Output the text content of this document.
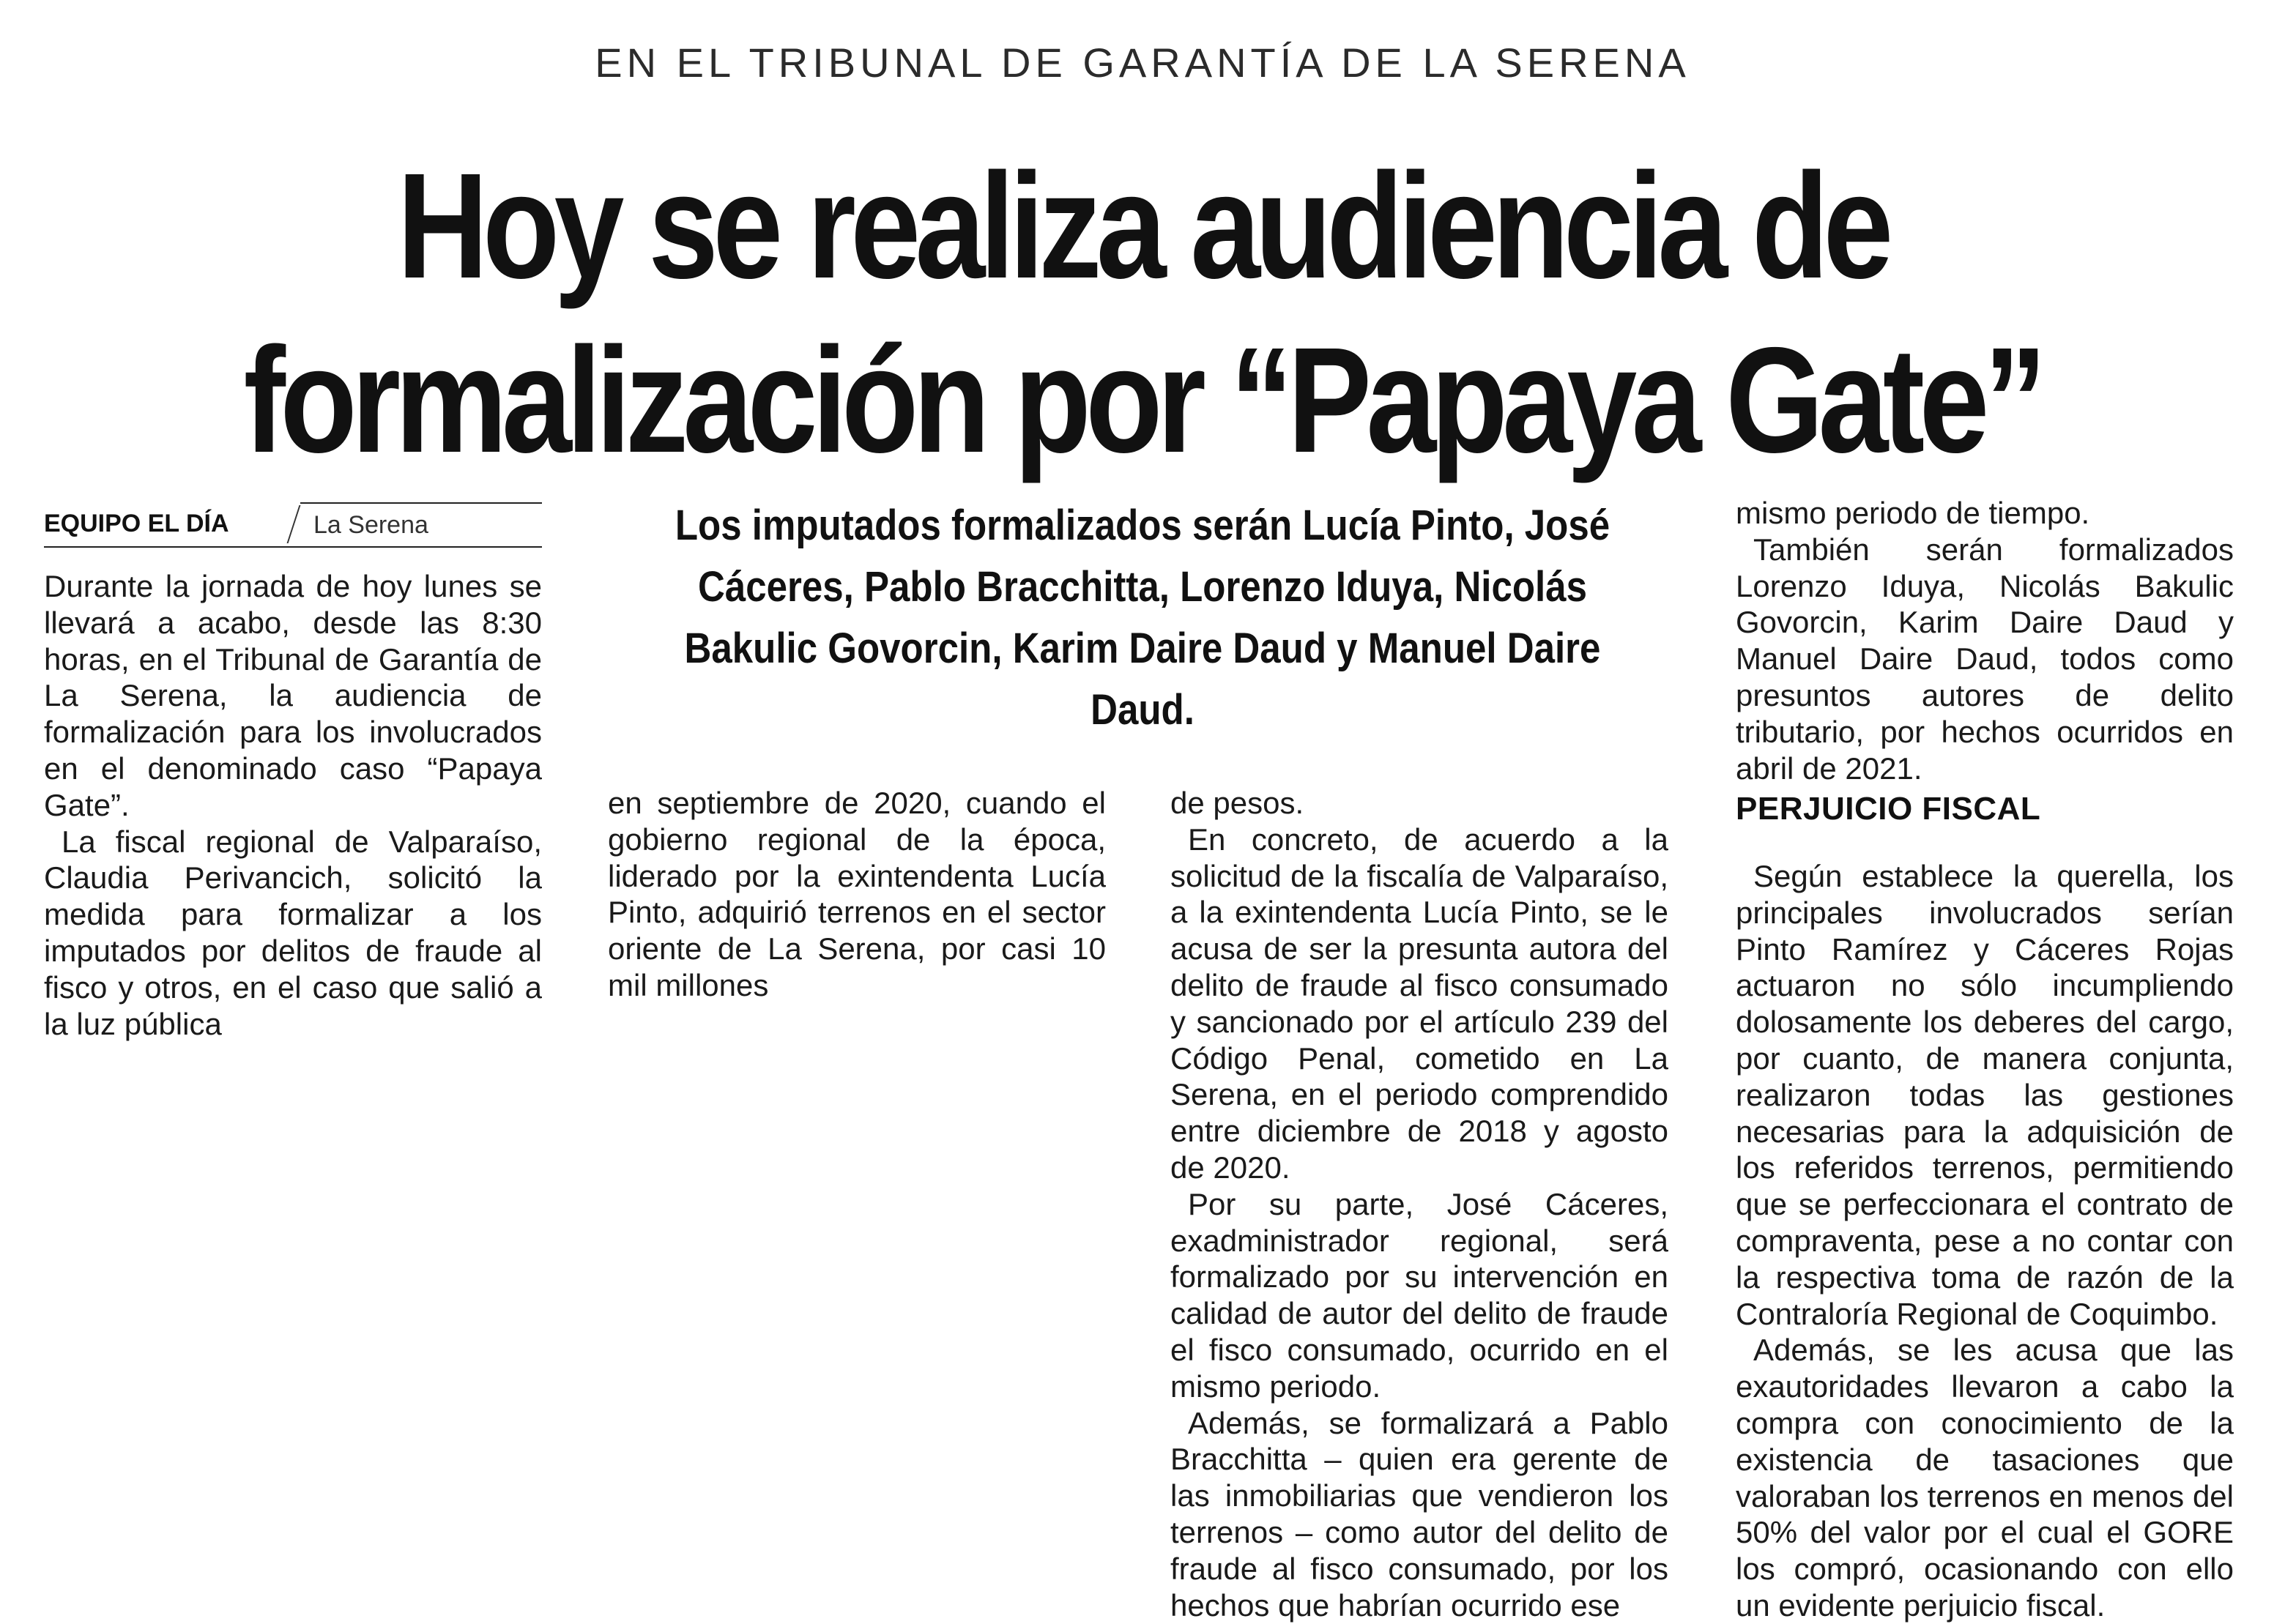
EN EL TRIBUNAL DE GARANTÍA DE LA SERENA
Hoy se realiza audiencia de
formalización por “Papaya Gate”
EQUIPO EL DÍA	La Serena

Durante la jornada de hoy lunes se llevará a acabo, desde las 8:30 horas, en el Tribunal de Garantía de La Serena, la audiencia de formalización para los involucrados en el denominado caso “Papaya Gate”.

La fiscal regional de Valparaíso, Claudia Perivancich, solicitó la medida para formalizar a los imputados por delitos de fraude al fisco y otros, en el caso que salió a la luz pública

Los imputados formalizados serán Lucía Pinto, José Cáceres, Pablo Bracchitta, Lorenzo Iduya, Nicolás Bakulic Govorcin, Karim Daire Daud y Manuel Daire Daud.

en septiembre de 2020, cuando el gobierno regional de la época, liderado por la exintendenta Lucía Pinto, adquirió terrenos en el sector oriente de La Serena, por casi 10 mil millones

de pesos.

En concreto, de acuerdo a la solicitud de la fiscalía de Valparaíso, a la exintendenta Lucía Pinto, se le acusa de ser la presunta autora del delito de fraude al fisco consumado y sancionado por el artículo 239 del Código Penal, cometido en La Serena, en el periodo comprendido entre diciembre de 2018 y agosto de 2020.

Por su parte, José Cáceres, exadministrador regional, será formalizado por su intervención en calidad de autor del delito de fraude el fisco consumado, ocurrido en el mismo periodo.

Además, se formalizará a Pablo Bracchitta – quien era gerente de las inmobiliarias que vendieron los terrenos – como autor del delito de fraude al fisco consumado, por los hechos que habrían ocurrido ese

mismo periodo de tiempo.

También serán formalizados Lorenzo Iduya, Nicolás Bakulic Govorcin, Karim Daire Daud y Manuel Daire Daud, todos como presuntos autores de delito tributario, por hechos ocurridos en abril de 2021.

PERJUICIO FISCAL

Según establece la querella, los principales involucrados serían Pinto Ramírez y Cáceres Rojas actuaron no sólo incumpliendo dolosamente los deberes del cargo, por cuanto, de manera conjunta, realizaron todas las gestiones necesarias para la adquisición de los referidos terrenos, permitiendo que se perfeccionara el contrato de compraventa, pese a no contar con la respectiva toma de razón de la Contraloría Regional de Coquimbo.

Además, se les acusa que las exautoridades llevaron a cabo la compra con conocimiento de la existencia de tasaciones que valoraban los terrenos en menos del 50% del valor por el cual el GORE los compró, ocasionando con ello un evidente perjuicio fiscal.
